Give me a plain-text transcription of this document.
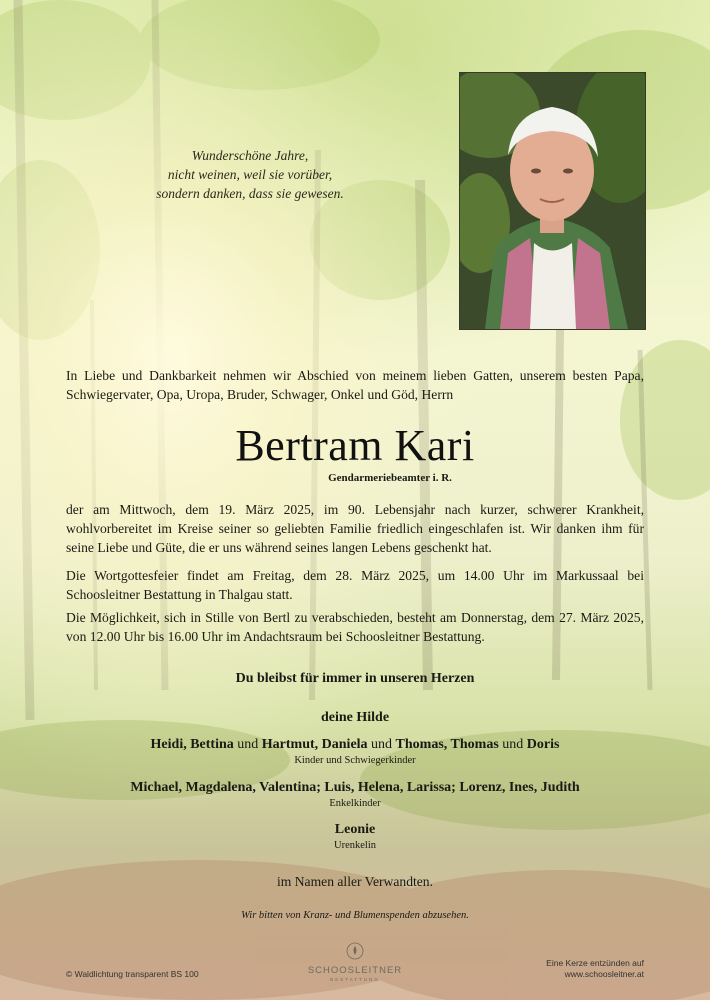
Wunderschöne Jahre,
nicht weinen, weil sie vorüber,
sondern danken, dass sie gewesen.
In Liebe und Dankbarkeit nehmen wir Abschied von meinem lieben Gatten, unserem besten Papa, Schwiegervater, Opa, Uropa, Bruder, Schwager, Onkel und Göd, Herrn
Bertram Kari
Gendarmeriebeamter i. R.
der am Mittwoch, dem 19. März 2025, im 90. Lebensjahr nach kurzer, schwerer Krankheit, wohlvorbereitet im Kreise seiner so geliebten Familie friedlich eingeschlafen ist. Wir danken ihm für seine Liebe und Güte, die er uns während seines langen Lebens geschenkt hat.
Die Wortgottesfeier findet am Freitag, dem 28. März 2025, um 14.00 Uhr im Markussaal bei Schoosleitner Bestattung in Thalgau statt.
Die Möglichkeit, sich in Stille von Bertl zu verabschieden, besteht am Donnerstag, dem 27. März 2025, von 12.00 Uhr bis 16.00 Uhr im Andachtsraum bei Schoosleitner Bestattung.
Du bleibst für immer in unseren Herzen
deine Hilde
Heidi, Bettina und Hartmut, Daniela und Thomas, Thomas und Doris
Kinder und Schwiegerkinder
Michael, Magdalena, Valentina; Luis, Helena, Larissa; Lorenz, Ines, Judith
Enkelkinder
Leonie
Urenkelin
im Namen aller Verwandten.
Wir bitten von Kranz- und Blumenspenden abzusehen.
© Waldlichtung transparent BS 100	SCHOOSLEITNER
BESTATTUNG
Eine Kerze entzünden auf
www.schoosleitner.at
